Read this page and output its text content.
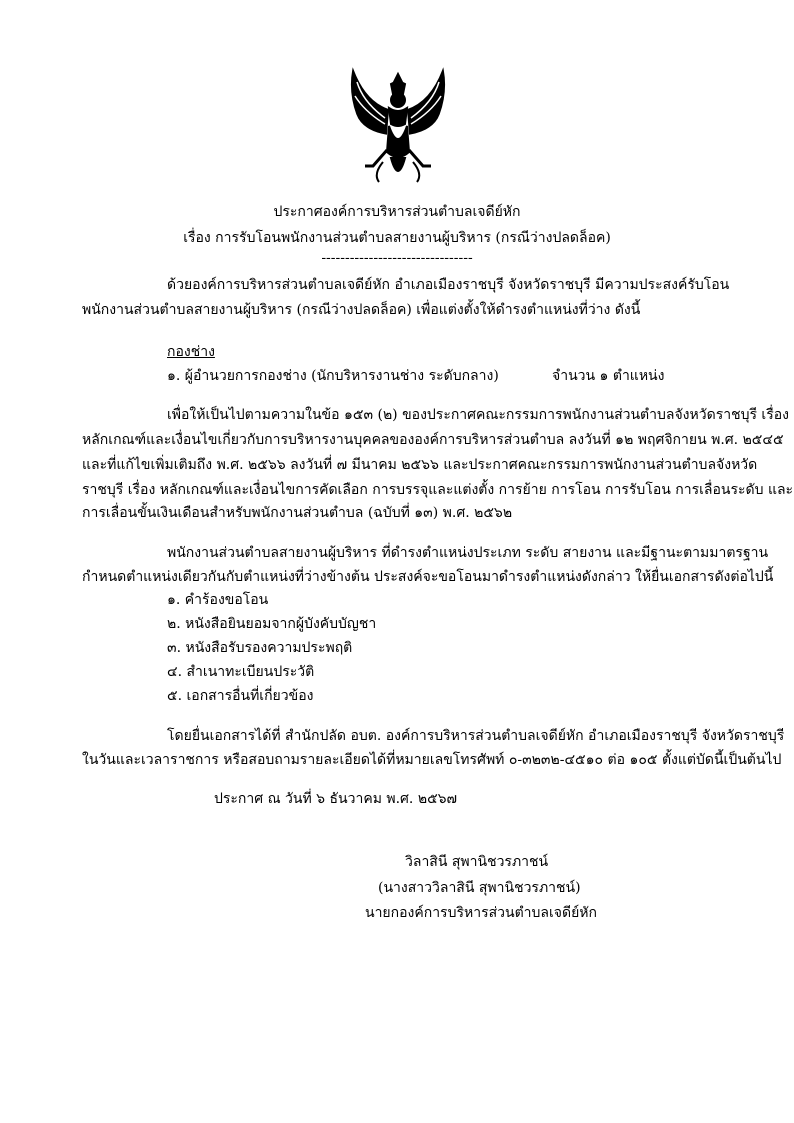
ประกาศองค์การบริหารส่วนตำบลเจดีย์หัก
เรื่อง การรับโอนพนักงานส่วนตำบลสายงานผู้บริหาร (กรณีว่างปลดล็อค)
--------------------------------
ด้วยองค์การบริหารส่วนตำบลเจดีย์หัก อำเภอเมืองราชบุรี จังหวัดราชบุรี มีความประสงค์รับโอน
พนักงานส่วนตำบลสายงานผู้บริหาร (กรณีว่างปลดล็อค) เพื่อแต่งตั้งให้ดำรงตำแหน่งที่ว่าง ดังนี้
กองช่าง
๑. ผู้อำนวยการกองช่าง (นักบริหารงานช่าง ระดับกลาง)	จำนวน ๑ ตำแหน่ง
เพื่อให้เป็นไปตามความในข้อ ๑๕๓ (๒) ของประกาศคณะกรรมการพนักงานส่วนตำบลจังหวัดราชบุรี เรื่อง
หลักเกณฑ์และเงื่อนไขเกี่ยวกับการบริหารงานบุคคลขององค์การบริหารส่วนตำบล ลงวันที่ ๑๒ พฤศจิกายน พ.ศ. ๒๕๔๕
และที่แก้ไขเพิ่มเติมถึง พ.ศ. ๒๕๖๖ ลงวันที่ ๗ มีนาคม ๒๕๖๖ และประกาศคณะกรรมการพนักงานส่วนตำบลจังหวัด
ราชบุรี เรื่อง หลักเกณฑ์และเงื่อนไขการคัดเลือก การบรรจุและแต่งตั้ง การย้าย การโอน การรับโอน การเลื่อนระดับ และ
การเลื่อนขั้นเงินเดือนสำหรับพนักงานส่วนตำบล (ฉบับที่ ๑๓) พ.ศ. ๒๕๖๒
พนักงานส่วนตำบลสายงานผู้บริหาร ที่ดำรงตำแหน่งประเภท ระดับ สายงาน และมีฐานะตามมาตรฐาน
กำหนดตำแหน่งเดียวกันกับตำแหน่งที่ว่างข้างต้น ประสงค์จะขอโอนมาดำรงตำแหน่งดังกล่าว ให้ยื่นเอกสารดังต่อไปนี้
๑. คำร้องขอโอน
๒. หนังสือยินยอมจากผู้บังคับบัญชา
๓. หนังสือรับรองความประพฤติ
๔. สำเนาทะเบียนประวัติ
๕. เอกสารอื่นที่เกี่ยวข้อง
โดยยื่นเอกสารได้ที่ สำนักปลัด อบต. องค์การบริหารส่วนตำบลเจดีย์หัก อำเภอเมืองราชบุรี จังหวัดราชบุรี
ในวันและเวลาราชการ หรือสอบถามรายละเอียดได้ที่หมายเลขโทรศัพท์ ๐-๓๒๓๒-๔๕๑๐ ต่อ ๑๐๕ ตั้งแต่บัดนี้เป็นต้นไป
ประกาศ ณ วันที่ ๖ ธันวาคม พ.ศ. ๒๕๖๗
วิลาสินี สุพานิชวรภาชน์
(นางสาววิลาสินี สุพานิชวรภาชน์)
นายกองค์การบริหารส่วนตำบลเจดีย์หัก
